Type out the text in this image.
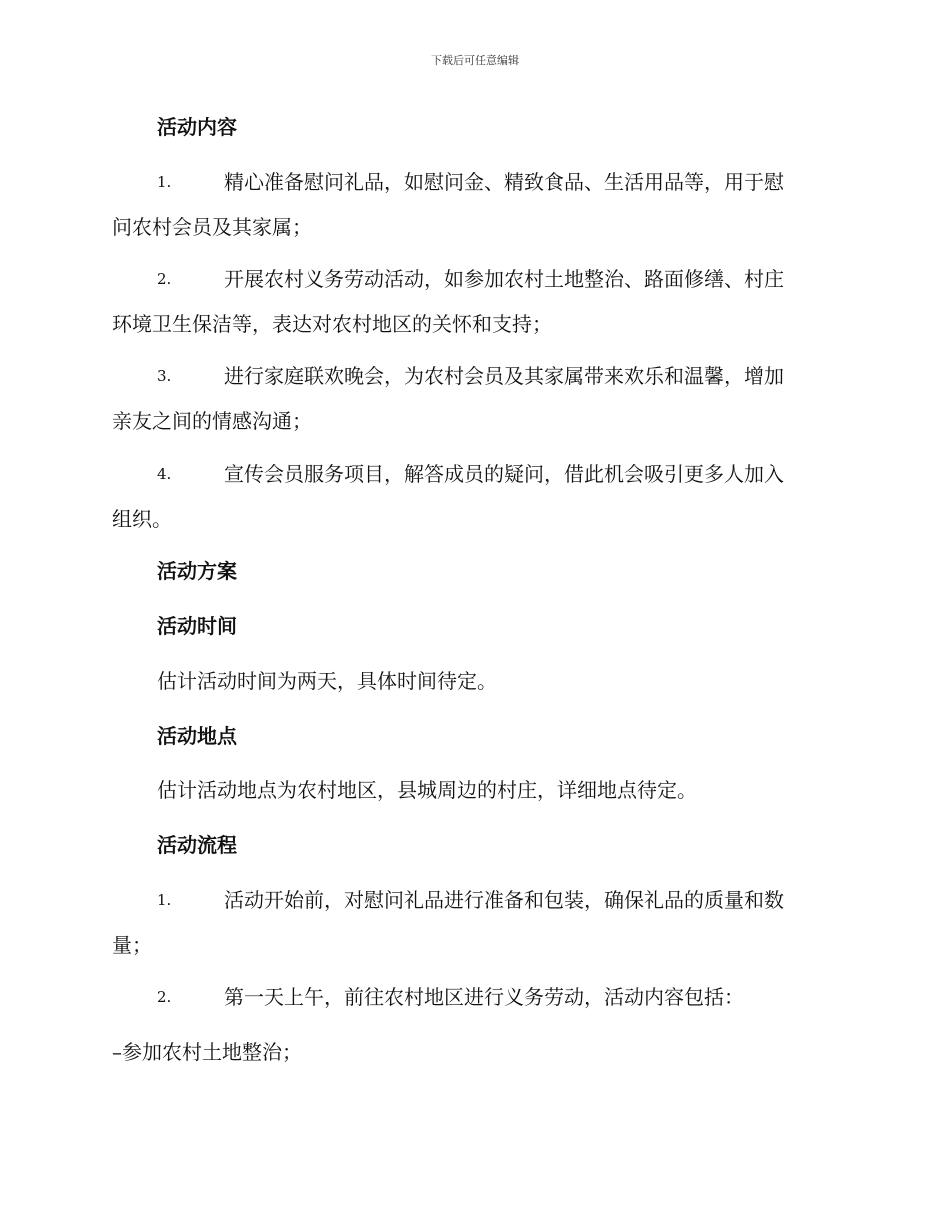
下载后可任意编辑
活动内容
1.	精心准备慰问礼品，如慰问金、精致食品、生活用品等，用于慰
问农村会员及其家属；
2.	开展农村义务劳动活动，如参加农村土地整治、路面修缮、村庄
环境卫生保洁等，表达对农村地区的关怀和支持；
3.	进行家庭联欢晚会，为农村会员及其家属带来欢乐和温馨，增加
亲友之间的情感沟通；
4.	宣传会员服务项目，解答成员的疑问，借此机会吸引更多人加入
组织。
活动方案
活动时间
估计活动时间为两天，具体时间待定。
活动地点
估计活动地点为农村地区，县城周边的村庄，详细地点待定。
活动流程
1.	活动开始前，对慰问礼品进行准备和包装，确保礼品的质量和数
量；
2.	第一天上午，前往农村地区进行义务劳动，活动内容包括：
–参加农村土地整治；
